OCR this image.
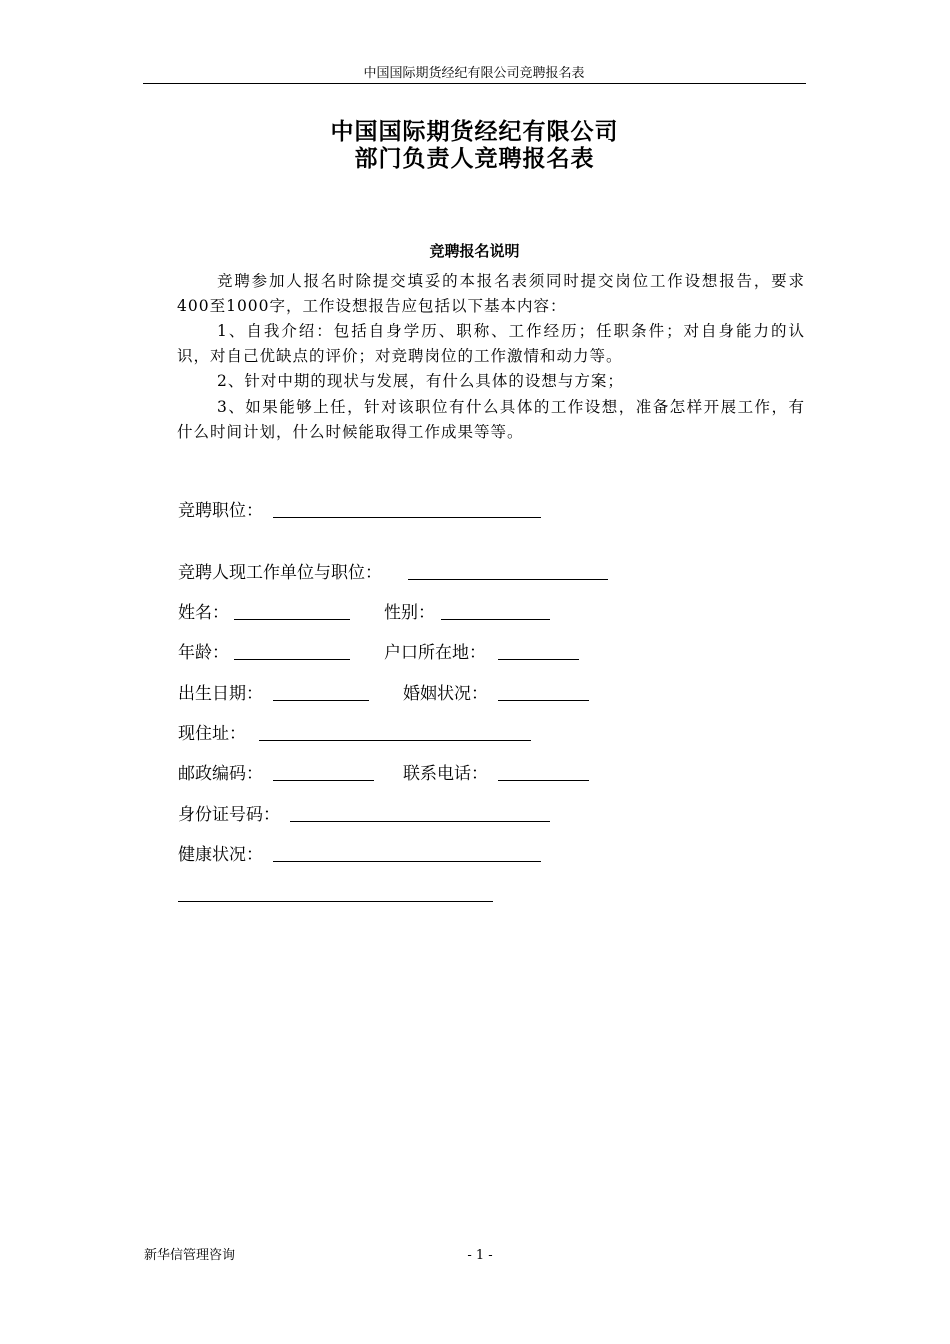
中国国际期货经纪有限公司竞聘报名表
中国国际期货经纪有限公司
部门负责人竞聘报名表
竞聘报名说明
竞聘参加人报名时除提交填妥的本报名表须同时提交岗位工作设想报告，要求400至1000字，工作设想报告应包括以下基本内容：
1、自我介绍：包括自身学历、职称、工作经历；任职条件；对自身能力的认识，对自己优缺点的评价；对竞聘岗位的工作激情和动力等。
2、针对中期的现状与发展，有什么具体的设想与方案；
3、如果能够上任，针对该职位有什么具体的工作设想，准备怎样开展工作，有什么时间计划，什么时候能取得工作成果等等。
竞聘职位：
竞聘人现工作单位与职位：
姓名：	性别：
年龄：	户口所在地：
出生日期：	婚姻状况：
现住址：
邮政编码：	联系电话：
身份证号码：
健康状况：
新华信管理咨询	- 1 -
